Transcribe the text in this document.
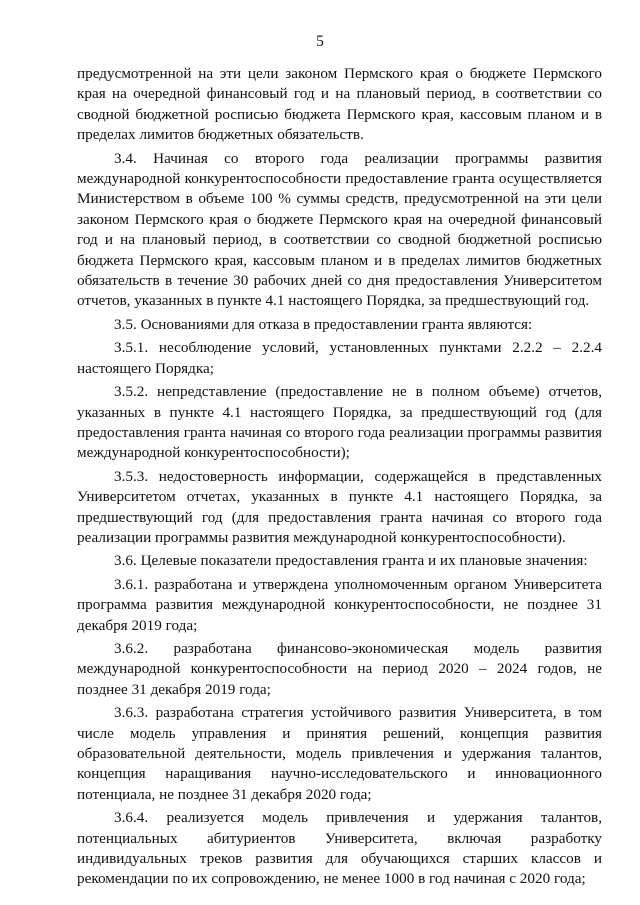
5

предусмотренной на эти цели законом Пермского края о бюджете Пермского края на очередной финансовый год и на плановый период, в соответствии со сводной бюджетной росписью бюджета Пермского края, кассовым планом и в пределах лимитов бюджетных обязательств.

3.4. Начиная со второго года реализации программы развития международной конкурентоспособности предоставление гранта осуществляется Министерством в объеме 100 % суммы средств, предусмотренной на эти цели законом Пермского края о бюджете Пермского края на очередной финансовый год и на плановый период, в соответствии со сводной бюджетной росписью бюджета Пермского края, кассовым планом и в пределах лимитов бюджетных обязательств в течение 30 рабочих дней со дня предоставления Университетом отчетов, указанных в пункте 4.1 настоящего Порядка, за предшествующий год.

3.5. Основаниями для отказа в предоставлении гранта являются:

3.5.1. несоблюдение условий, установленных пунктами 2.2.2 – 2.2.4 настоящего Порядка;

3.5.2. непредставление (предоставление не в полном объеме) отчетов, указанных в пункте 4.1 настоящего Порядка, за предшествующий год (для предоставления гранта начиная со второго года реализации программы развития международной конкурентоспособности);

3.5.3. недостоверность информации, содержащейся в представленных Университетом отчетах, указанных в пункте 4.1 настоящего Порядка, за предшествующий год (для предоставления гранта начиная со второго года реализации программы развития международной конкурентоспособности).

3.6. Целевые показатели предоставления гранта и их плановые значения:

3.6.1. разработана и утверждена уполномоченным органом Университета программа развития международной конкурентоспособности, не позднее 31 декабря 2019 года;

3.6.2. разработана финансово-экономическая модель развития международной конкурентоспособности на период 2020 – 2024 годов, не позднее 31 декабря 2019 года;

3.6.3. разработана стратегия устойчивого развития Университета, в том числе модель управления и принятия решений, концепция развития образовательной деятельности, модель привлечения и удержания талантов, концепция наращивания научно-исследовательского и инновационного потенциала, не позднее 31 декабря 2020 года;

3.6.4. реализуется модель привлечения и удержания талантов, потенциальных абитуриентов Университета, включая разработку индивидуальных треков развития для обучающихся старших классов и рекомендации по их сопровождению, не менее 1000 в год начиная с 2020 года;
